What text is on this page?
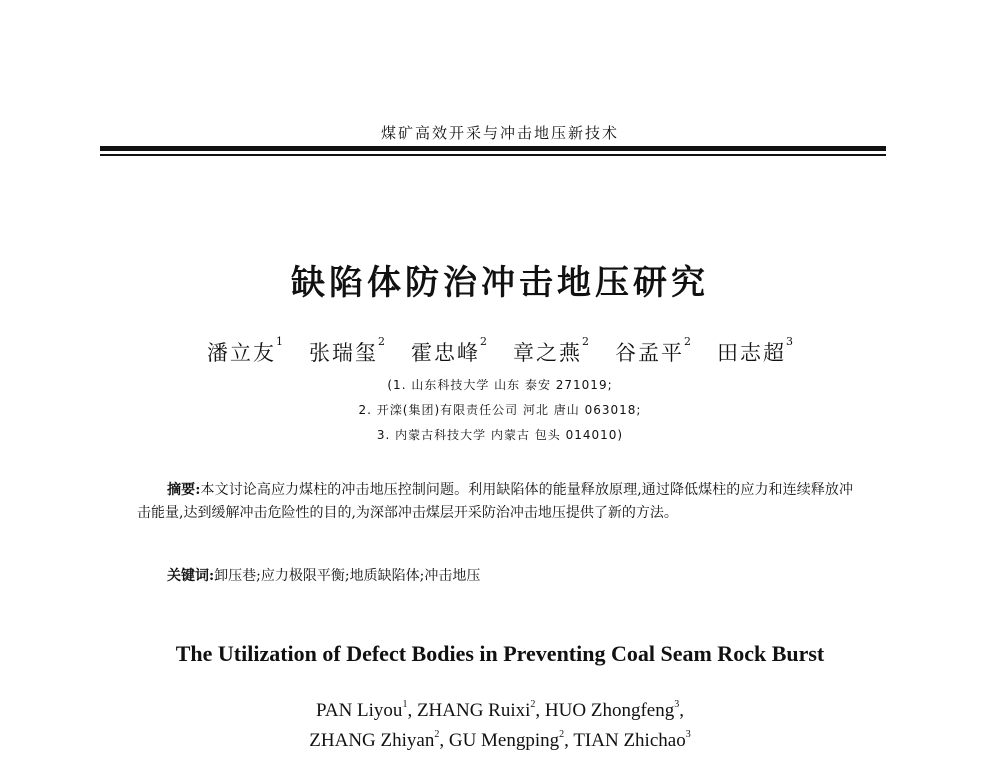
煤矿高效开采与冲击地压新技术
缺陷体防治冲击地压研究
潘立友$^1$ 张瑞玺$^2$ 霍忠峰$^2$ 章之燕$^2$ 谷孟平$^2$ 田志超$^3$
(1. 山东科技大学 山东 泰安 271019;
2. 开滦(集团)有限责任公司 河北 唐山 063018;
3. 内蒙古科技大学 内蒙古 包头 014010)
摘要:本文讨论高应力煤柱的冲击地压控制问题。利用缺陷体的能量释放原理,通过降低煤柱的应力和连续释放冲击能量,达到缓解冲击危险性的目的,为深部冲击煤层开采防治冲击地压提供了新的方法。
关键词:卸压巷;应力极限平衡;地质缺陷体;冲击地压
The Utilization of Defect Bodies in Preventing Coal Seam Rock Burst
PAN Liyou$^1$, ZHANG Ruixi$^2$, HUO Zhongfeng$^3$,
ZHANG Zhiyan$^2$, GU Mengping$^2$, TIAN Zhichao$^3$
